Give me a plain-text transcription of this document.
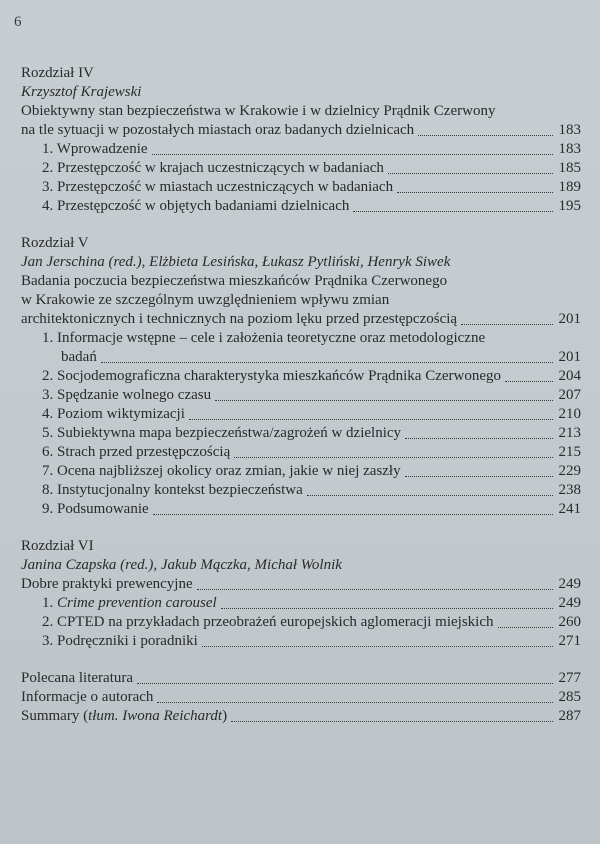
6
Rozdział IV
Krzysztof Krajewski
Obiektywny stan bezpieczeństwa w Krakowie i w dzielnicy Prądnik Czerwony
na tle sytuacji w pozostałych miastach oraz badanych dzielnicach	183
1. Wprowadzenie	183
2. Przestępczość w krajach uczestniczących w badaniach	185
3. Przestępczość w miastach uczestniczących w badaniach	189
4. Przestępczość w objętych badaniami dzielnicach	195
Rozdział V
Jan Jerschina (red.), Elżbieta Lesińska, Łukasz Pytliński, Henryk Siwek
Badania poczucia bezpieczeństwa mieszkańców Prądnika Czerwonego
w Krakowie ze szczególnym uwzględnieniem wpływu zmian
architektonicznych i technicznych na poziom lęku przed przestępczością	201
1. Informacje wstępne – cele i założenia teoretyczne oraz metodologiczne
badań	201
2. Socjodemograficzna charakterystyka mieszkańców Prądnika Czerwonego	204
3. Spędzanie wolnego czasu	207
4. Poziom wiktymizacji	210
5. Subiektywna mapa bezpieczeństwa/zagrożeń w dzielnicy	213
6. Strach przed przestępczością	215
7. Ocena najbliższej okolicy oraz zmian, jakie w niej zaszły	229
8. Instytucjonalny kontekst bezpieczeństwa	238
9. Podsumowanie	241
Rozdział VI
Janina Czapska (red.), Jakub Mączka, Michał Wolnik
Dobre praktyki prewencyjne	249
1. Crime prevention carousel	249
2. CPTED na przykładach przeobrażeń europejskich aglomeracji miejskich	260
3. Podręczniki i poradniki	271
Polecana literatura	277
Informacje o autorach	285
Summary (tłum. Iwona Reichardt)	287
